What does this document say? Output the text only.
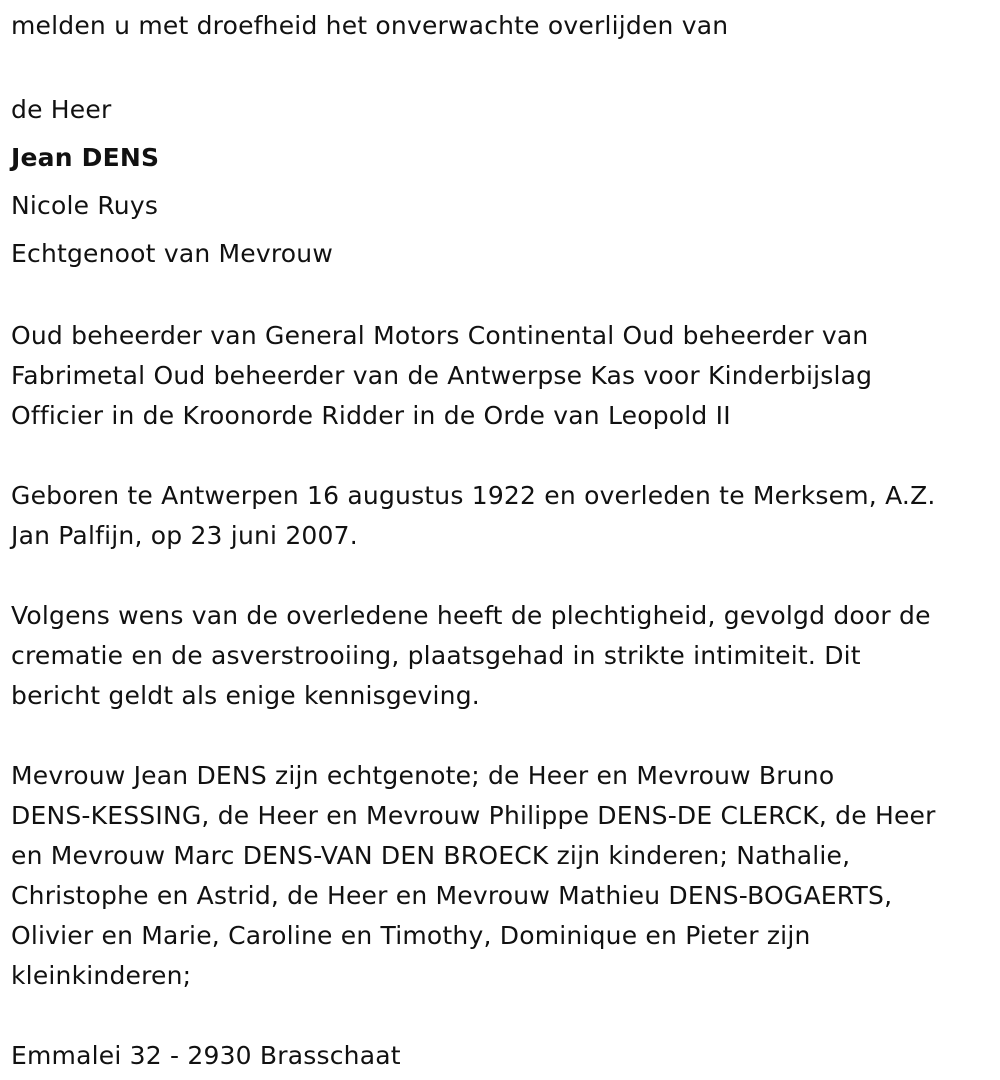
melden u met droefheid het onverwachte overlijden van
de Heer
Jean DENS
Nicole Ruys
Echtgenoot van Mevrouw
Oud beheerder van General Motors Continental Oud beheerder van
Fabrimetal Oud beheerder van de Antwerpse Kas voor Kinderbijslag
Officier in de Kroonorde Ridder in de Orde van Leopold II
Geboren te Antwerpen 16 augustus 1922 en overleden te Merksem, A.Z.
Jan Palfijn, op 23 juni 2007.
Volgens wens van de overledene heeft de plechtigheid, gevolgd door de
crematie en de asverstrooiing, plaatsgehad in strikte intimiteit. Dit
bericht geldt als enige kennisgeving.
Mevrouw Jean DENS zijn echtgenote; de Heer en Mevrouw Bruno
DENS-KESSING, de Heer en Mevrouw Philippe DENS-DE CLERCK, de Heer
en Mevrouw Marc DENS-VAN DEN BROECK zijn kinderen; Nathalie,
Christophe en Astrid, de Heer en Mevrouw Mathieu DENS-BOGAERTS,
Olivier en Marie, Caroline en Timothy, Dominique en Pieter zijn
kleinkinderen;
Emmalei 32 - 2930 Brasschaat
